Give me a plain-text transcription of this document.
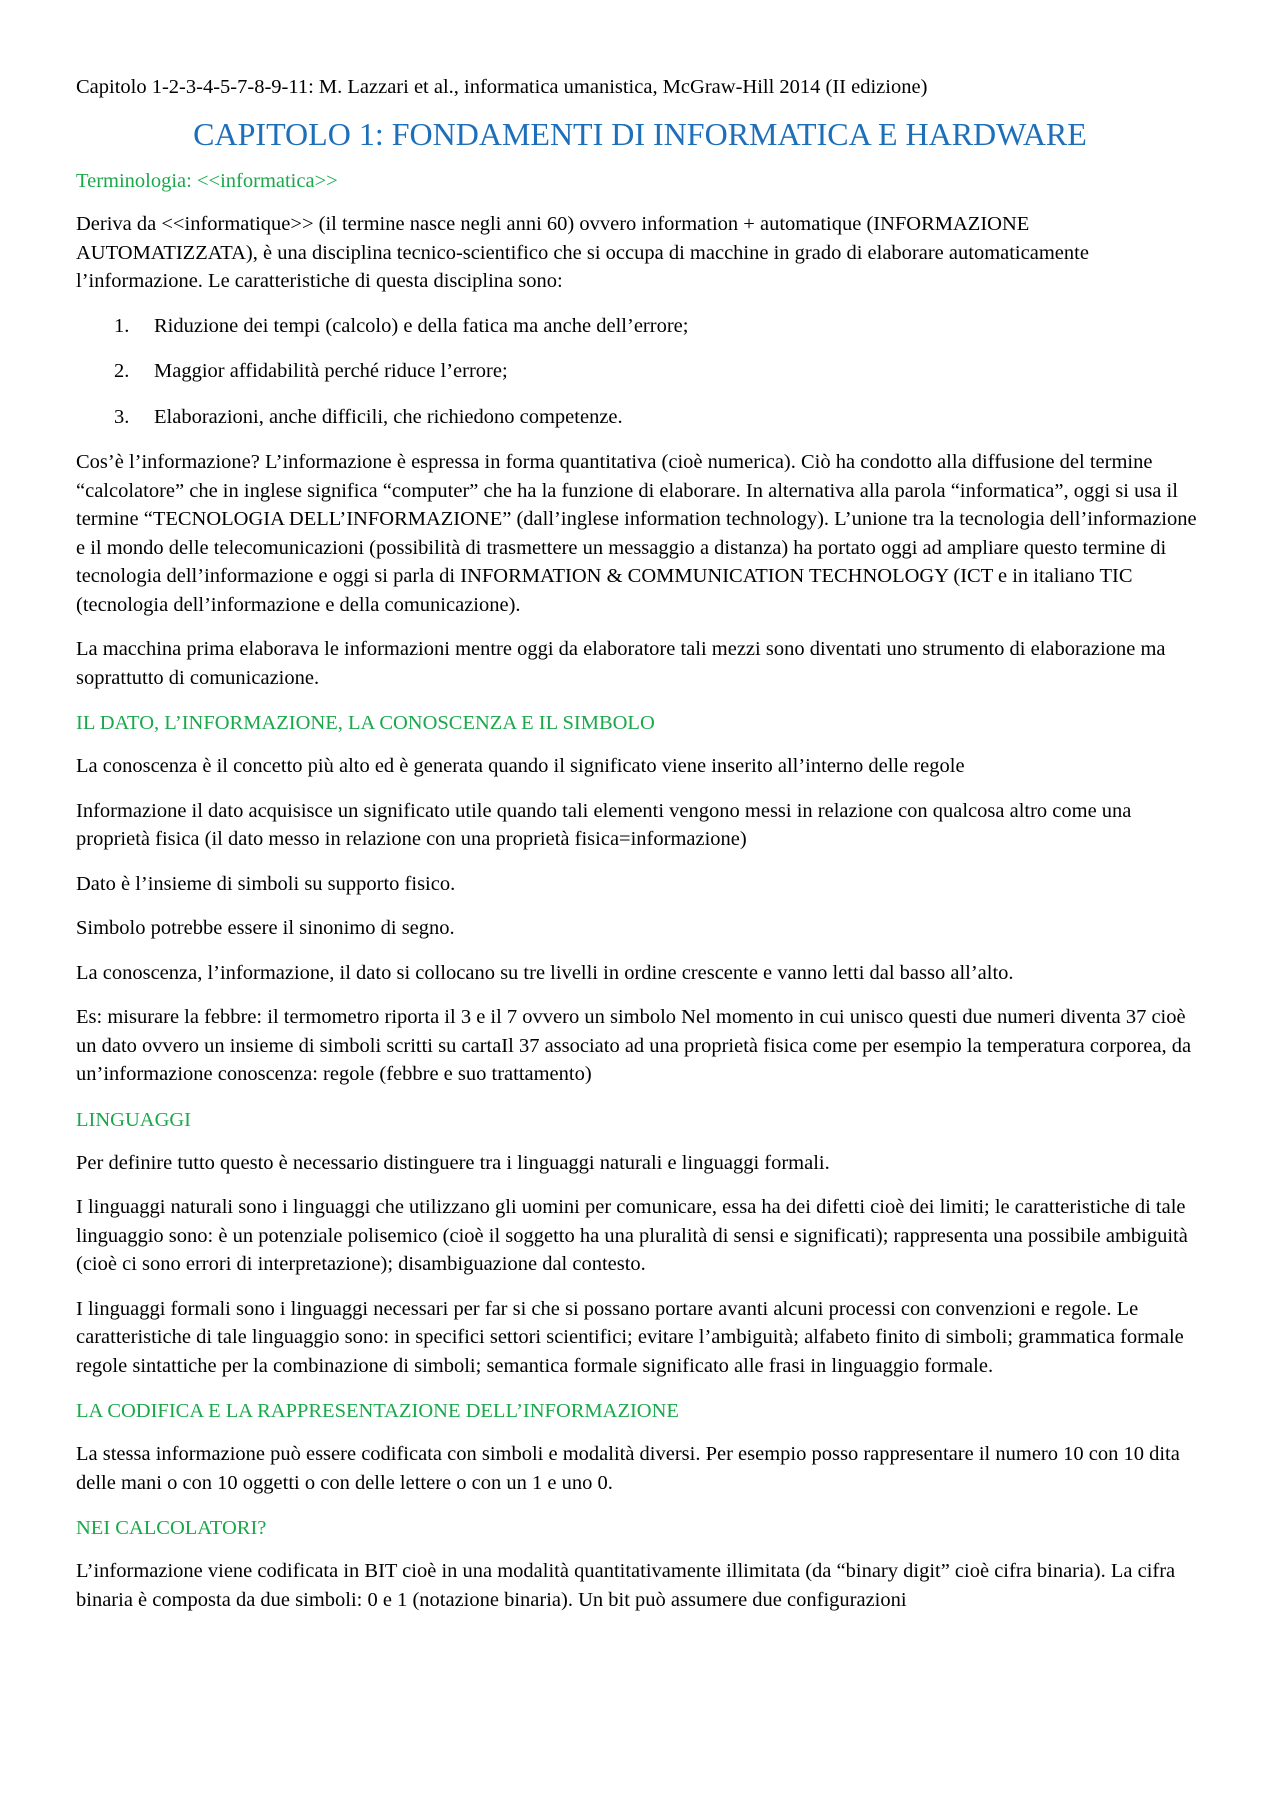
Capitolo 1-2-3-4-5-7-8-9-11: M. Lazzari et al., informatica umanistica, McGraw-Hill 2014 (II edizione)
CAPITOLO 1: FONDAMENTI DI INFORMATICA E HARDWARE
Terminologia: <<informatica>>

Deriva da <<informatique>> (il termine nasce negli anni 60) ovvero information + automatique (INFORMAZIONE AUTOMATIZZATA), è una disciplina tecnico-scientifico che si occupa di macchine in grado di elaborare automaticamente l’informazione. Le caratteristiche di questa disciplina sono:

1.	Riduzione dei tempi (calcolo) e della fatica ma anche dell’errore;
2.	Maggior affidabilità perché riduce l’errore;
3.	Elaborazioni, anche difficili, che richiedono competenze.

Cos’è l’informazione? L’informazione è espressa in forma quantitativa (cioè numerica). Ciò ha condotto alla diffusione del termine “calcolatore” che in inglese significa “computer” che ha la funzione di elaborare. In alternativa alla parola “informatica”, oggi si usa il termine “TECNOLOGIA DELL’INFORMAZIONE” (dall’inglese information technology). L’unione tra la tecnologia dell’informazione e il mondo delle telecomunicazioni (possibilità di trasmettere un messaggio a distanza) ha portato oggi ad ampliare questo termine di tecnologia dell’informazione e oggi si parla di INFORMATION & COMMUNICATION TECHNOLOGY (ICT e in italiano TIC (tecnologia dell’informazione e della comunicazione).

La macchina prima elaborava le informazioni mentre oggi da elaboratore tali mezzi sono diventati uno strumento di elaborazione ma soprattutto di comunicazione.

IL DATO, L’INFORMAZIONE, LA CONOSCENZA E IL SIMBOLO

La conoscenza è il concetto più alto ed è generata quando il significato viene inserito all’interno delle regole

Informazione il dato acquisisce un significato utile quando tali elementi vengono messi in relazione con qualcosa altro come una proprietà fisica (il dato messo in relazione con una proprietà fisica=informazione)

Dato è l’insieme di simboli su supporto fisico.

Simbolo potrebbe essere il sinonimo di segno.

La conoscenza, l’informazione, il dato si collocano su tre livelli in ordine crescente e vanno letti dal basso all’alto.

Es: misurare la febbre: il termometro riporta il 3 e il 7 ovvero un simbolo Nel momento in cui unisco questi due numeri diventa 37 cioè un dato ovvero un insieme di simboli scritti su cartaIl 37 associato ad una proprietà fisica come per esempio la temperatura corporea, da un’informazione conoscenza: regole (febbre e suo trattamento)

LINGUAGGI

Per definire tutto questo è necessario distinguere tra i linguaggi naturali e linguaggi formali.

I linguaggi naturali sono i linguaggi che utilizzano gli uomini per comunicare, essa ha dei difetti cioè dei limiti; le caratteristiche di tale linguaggio sono: è un potenziale polisemico (cioè il soggetto ha una pluralità di sensi e significati); rappresenta una possibile ambiguità (cioè ci sono errori di interpretazione); disambiguazione dal contesto.

I linguaggi formali sono i linguaggi necessari per far si che si possano portare avanti alcuni processi con convenzioni e regole. Le caratteristiche di tale linguaggio sono: in specifici settori scientifici; evitare l’ambiguità; alfabeto finito di simboli; grammatica formale regole sintattiche per la combinazione di simboli; semantica formale significato alle frasi in linguaggio formale.

LA CODIFICA E LA RAPPRESENTAZIONE DELL’INFORMAZIONE

La stessa informazione può essere codificata con simboli e modalità diversi. Per esempio posso rappresentare il numero 10 con 10 dita delle mani o con 10 oggetti o con delle lettere o con un 1 e uno 0.

NEI CALCOLATORI?

L’informazione viene codificata in BIT cioè in una modalità quantitativamente illimitata (da “binary digit” cioè cifra binaria). La cifra binaria è composta da due simboli: 0 e 1 (notazione binaria). Un bit può assumere due configurazioni
